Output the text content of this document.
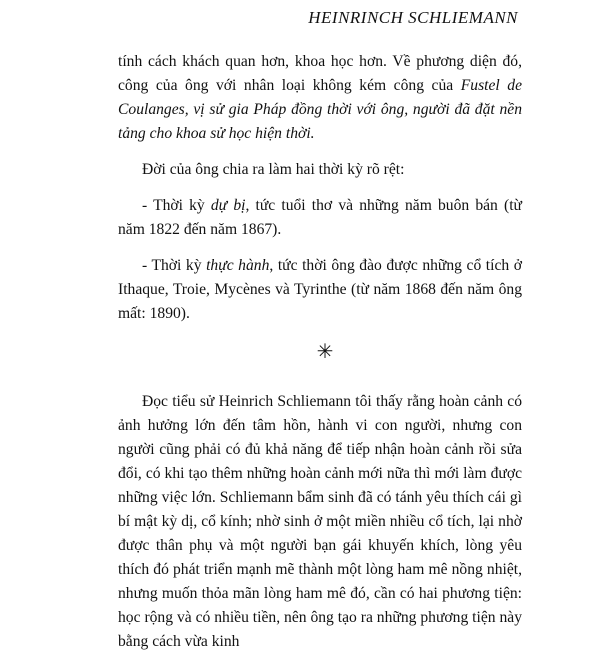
HEINRINCH SCHLIEMANN

tính cách khách quan hơn, khoa học hơn. Về phương diện đó, công của ông với nhân loại không kém công của Fustel de Coulanges, vị sử gia Pháp đồng thời với ông, người đã đặt nền tảng cho khoa sử học hiện thời.

Đời của ông chia ra làm hai thời kỳ rõ rệt:

- Thời kỳ dự bị, tức tuổi thơ và những năm buôn bán (từ năm 1822 đến năm 1867).

- Thời kỳ thực hành, tức thời ông đào được những cổ tích ở Ithaque, Troie, Mycènes và Tyrinthe (từ năm 1868 đến năm ông mất: 1890).

✳

Đọc tiểu sử Heinrich Schliemann tôi thấy rằng hoàn cảnh có ảnh hưởng lớn đến tâm hồn, hành vi con người, nhưng con người cũng phải có đủ khả năng để tiếp nhận hoàn cảnh rồi sửa đổi, có khi tạo thêm những hoàn cảnh mới nữa thì mới làm được những việc lớn. Schliemann bẩm sinh đã có tánh yêu thích cái gì bí mật kỳ dị, cổ kính; nhờ sinh ở một miền nhiều cổ tích, lại nhờ được thân phụ và một người bạn gái khuyến khích, lòng yêu thích đó phát triển mạnh mẽ thành một lòng ham mê nồng nhiệt, nhưng muốn thỏa mãn lòng ham mê đó, cần có hai phương tiện: học rộng và có nhiều tiền, nên ông tạo ra những phương tiện này bằng cách vừa kinh
